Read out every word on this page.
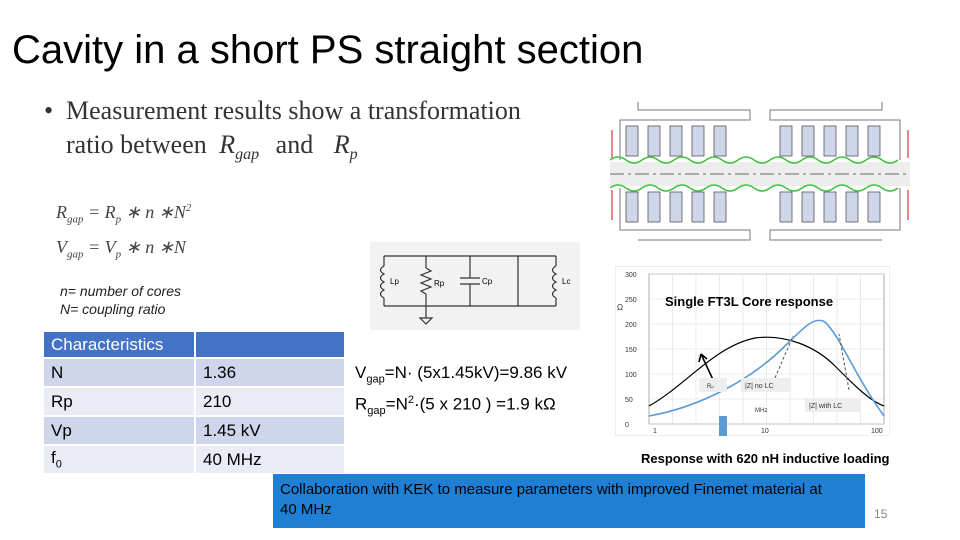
Cavity in a short PS straight section
• Measurement results show a transformation
ratio between $R_{gap}$ and $R_p$
$R_{gap} = R_p$ ∗ n $∗N^2$
$V_{gap} = V_p$ ∗ n ∗N
n= number of cores
N= coupling ratio
Characteristics	
N	1.36
Rp	210
Vp	1.45 kV
$f_0$	40 MHz
$V_{gap}=N\cdot (5x1.45kV)=9.86$ kV
$R_{gap}=N^2\cdot(5$ x 210 ) =1.9 kΩ
Lp	Rp	Cp	Lc
300
250
200
150
100
50
0
Ω
1	10	100
MHz
Rₚ	|Z| no LC
|Z| with LC
Single FT3L Core response
Response with 620 nH inductive loading
Collaboration with KEK to measure parameters with improved Finemet material at 40 MHz	15
